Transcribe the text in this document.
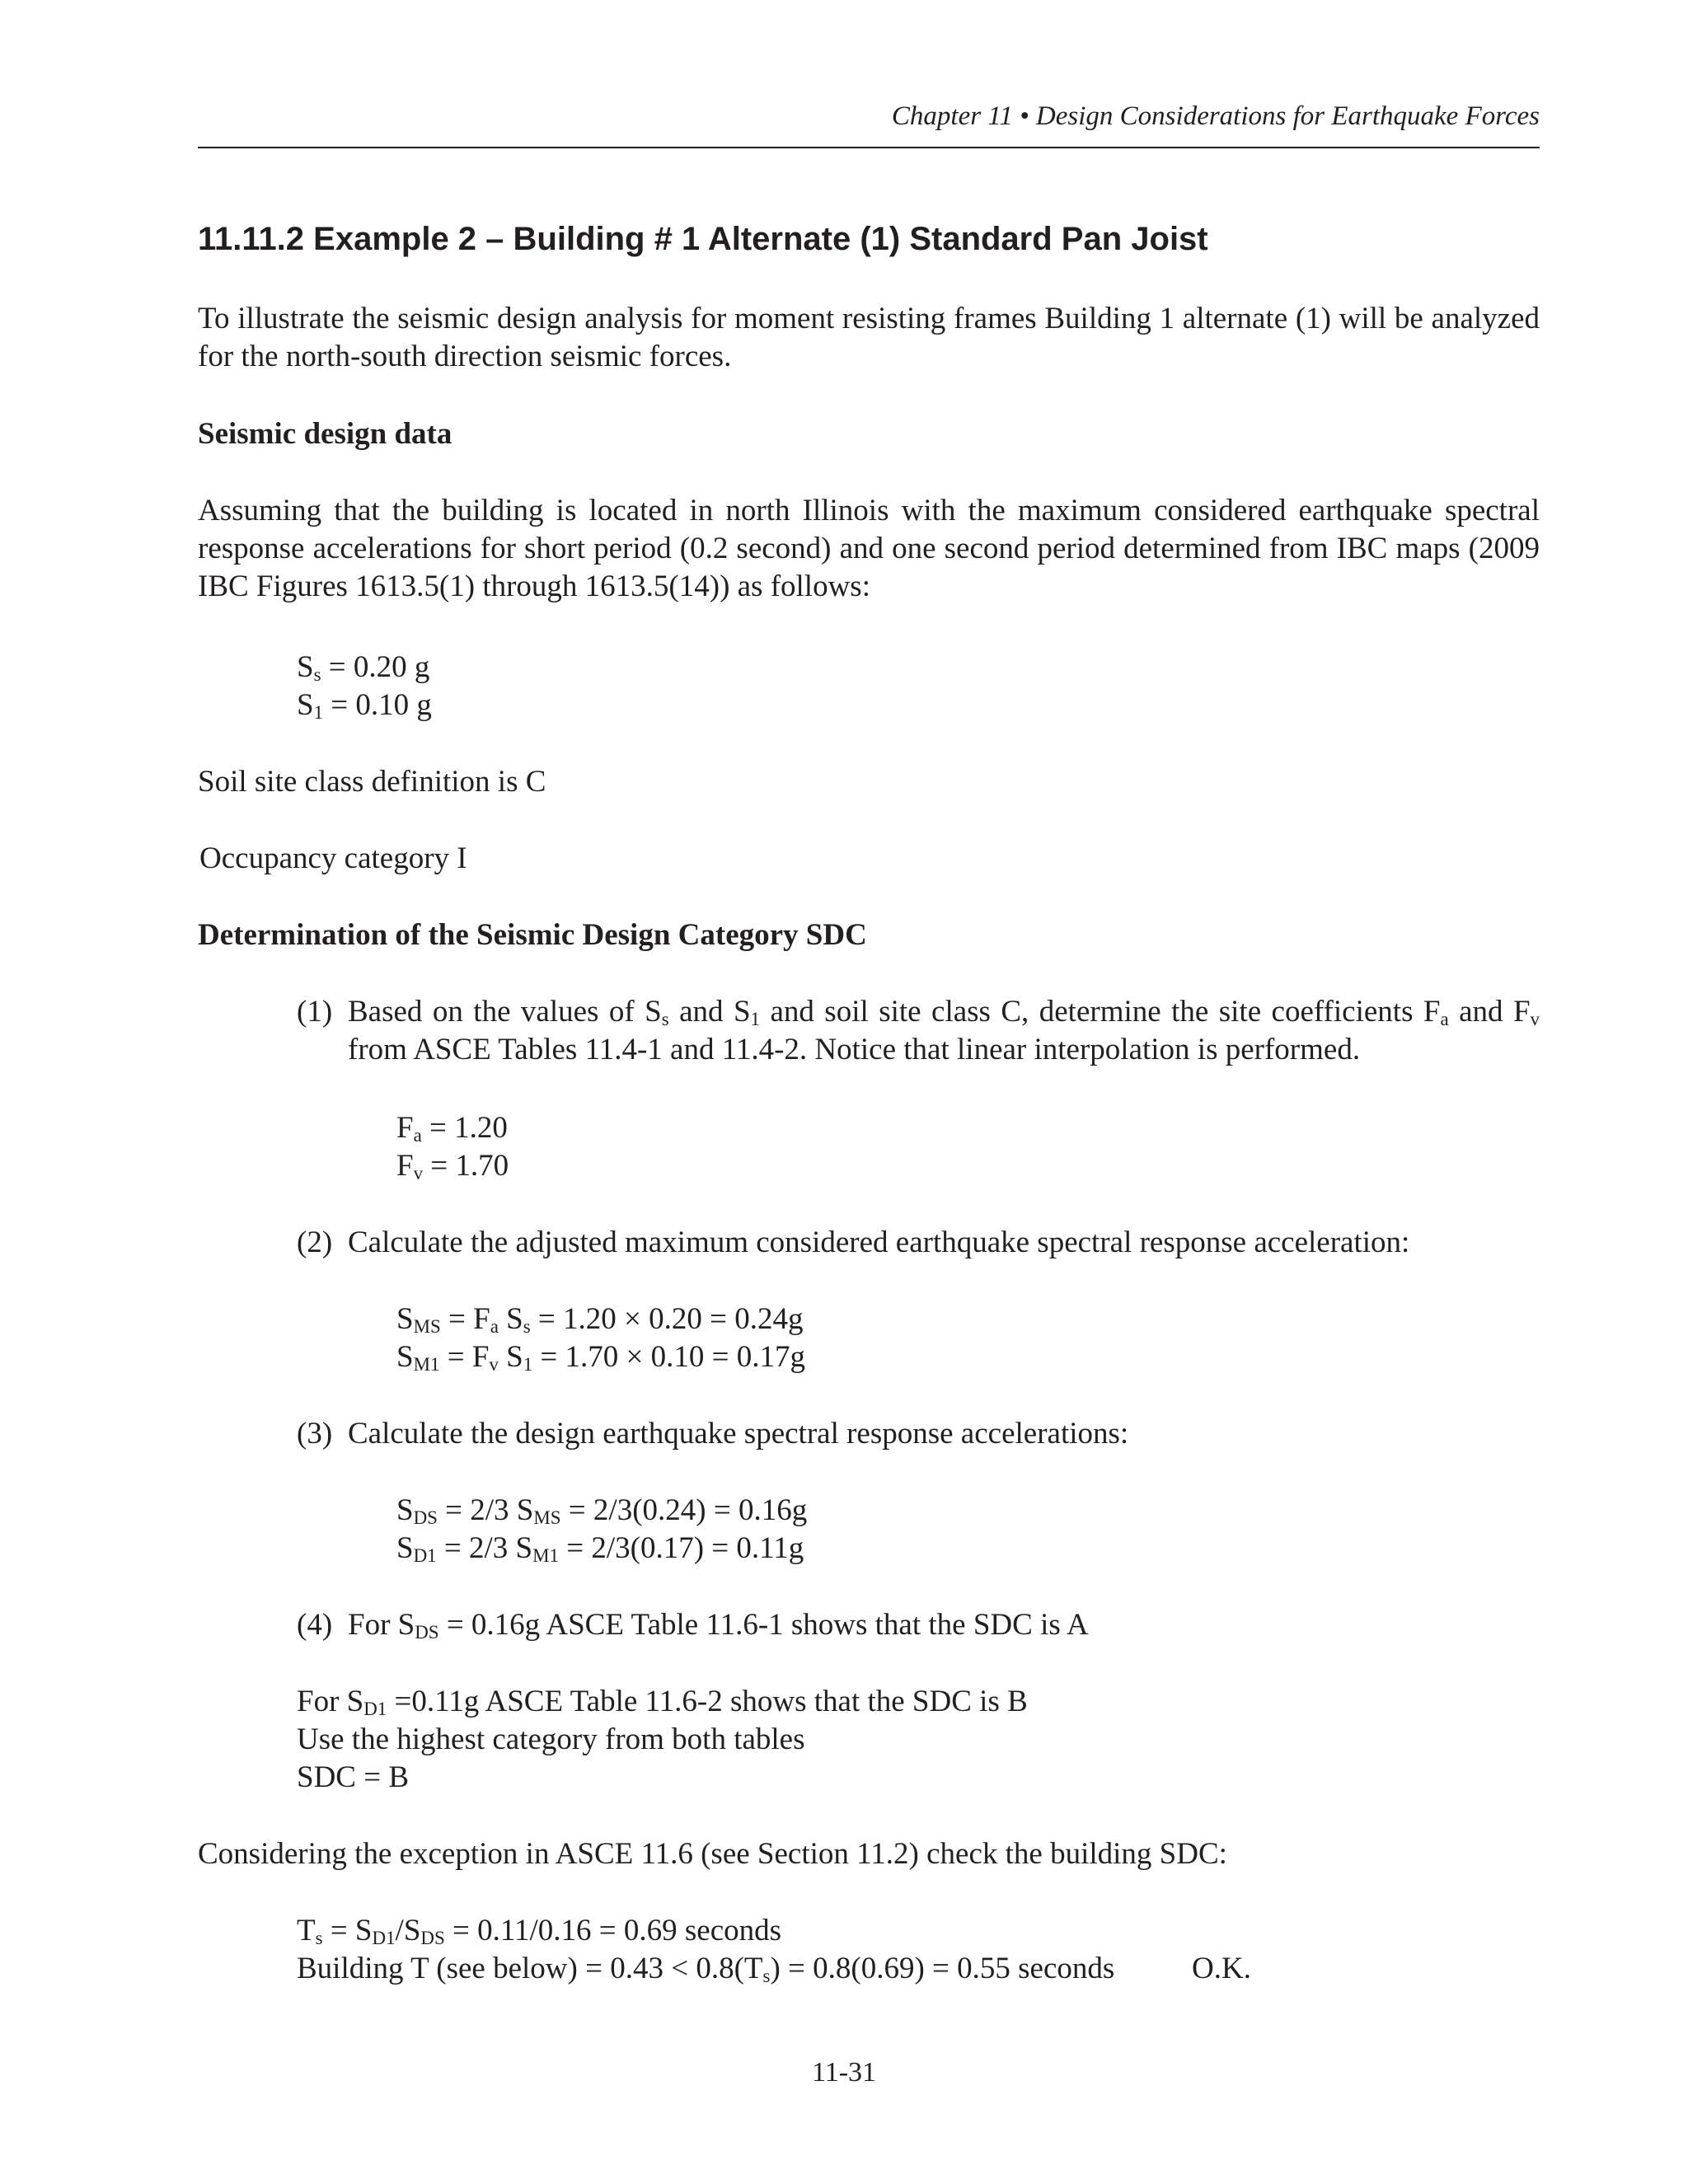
Chapter 11 • Design Considerations for Earthquake Forces
11.11.2 Example 2 – Building # 1 Alternate (1) Standard Pan Joist
To illustrate the seismic design analysis for moment resisting frames Building 1 alternate (1) will be analyzed for the north-south direction seismic forces.
Seismic design data
Assuming that the building is located in north Illinois with the maximum considered earthquake spectral response accelerations for short period (0.2 second) and one second period determined from IBC maps (2009 IBC Figures 1613.5(1) through 1613.5(14)) as follows:
$S_s = 0.20$ g
$S_1 = 0.10$ g
Soil site class definition is C
Occupancy category I
Determination of the Seismic Design Category SDC
(1) Based on the values of $S_s$ and $S_1$ and soil site class C, determine the site coefficients $F_a$ and $F_v$ from ASCE Tables 11.4-1 and 11.4-2. Notice that linear interpolation is performed.
$F_a = 1.20$
$F_v = 1.70$
(2) Calculate the adjusted maximum considered earthquake spectral response acceleration:
$S_{MS} = F_a$ $S_s = 1.20 \times 0.20 = 0.24g$
$S_{M1} = F_v$ $S_1 = 1.70 \times 0.10 = 0.17g$
(3) Calculate the design earthquake spectral response accelerations:
$S_{DS} = 2/3$ $S_{MS} = 2/3(0.24) = 0.16g$
$S_{D1} = 2/3$ $S_{M1} = 2/3(0.17) = 0.11g$
(4) For $S_{DS} = 0.16g$ ASCE Table 11.6-1 shows that the SDC is A
For $S_{D1} =0.11g$ ASCE Table 11.6-2 shows that the SDC is B
Use the highest category from both tables
SDC = B
Considering the exception in ASCE 11.6 (see Section 11.2) check the building SDC:
$T_s = S_{D1}/S_{DS} = 0.11/0.16 = 0.69$ seconds
Building T (see below) = $0.43 < 0.8(T_s) = 0.8(0.69) = 0.55$ seconds	O.K.
11-31
